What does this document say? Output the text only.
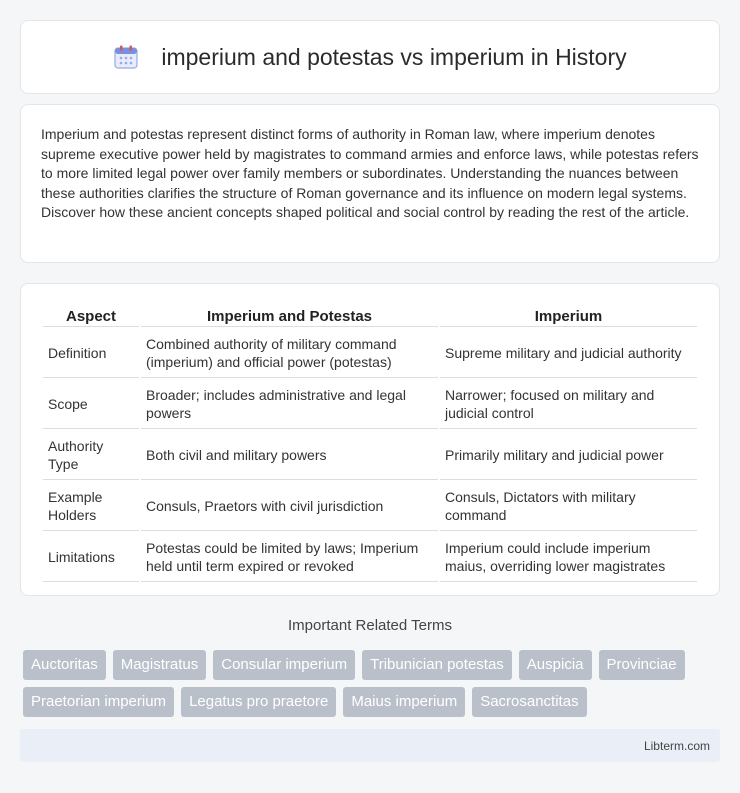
imperium and potestas vs imperium in History

Imperium and potestas represent distinct forms of authority in Roman law, where imperium denotes supreme executive power held by magistrates to command armies and enforce laws, while potestas refers to more limited legal power over family members or subordinates. Understanding the nuances between these authorities clarifies the structure of Roman governance and its influence on modern legal systems. Discover how these ancient concepts shaped political and social control by reading the rest of the article.

Aspect	Imperium and Potestas	Imperium
Definition	Combined authority of military command (imperium) and official power (potestas)	Supreme military and judicial authority
Scope	Broader; includes administrative and legal powers	Narrower; focused on military and judicial control
Authority Type	Both civil and military powers	Primarily military and judicial power
Example Holders	Consuls, Praetors with civil jurisdiction	Consuls, Dictators with military command
Limitations	Potestas could be limited by laws; Imperium held until term expired or revoked	Imperium could include imperium maius, overriding lower magistrates
Important Related Terms
Auctoritas	Magistratus	Consular imperium	Tribunician potestas	Auspicia	Provinciae
Praetorian imperium	Legatus pro praetore	Maius imperium	Sacrosanctitas
Libterm.com
